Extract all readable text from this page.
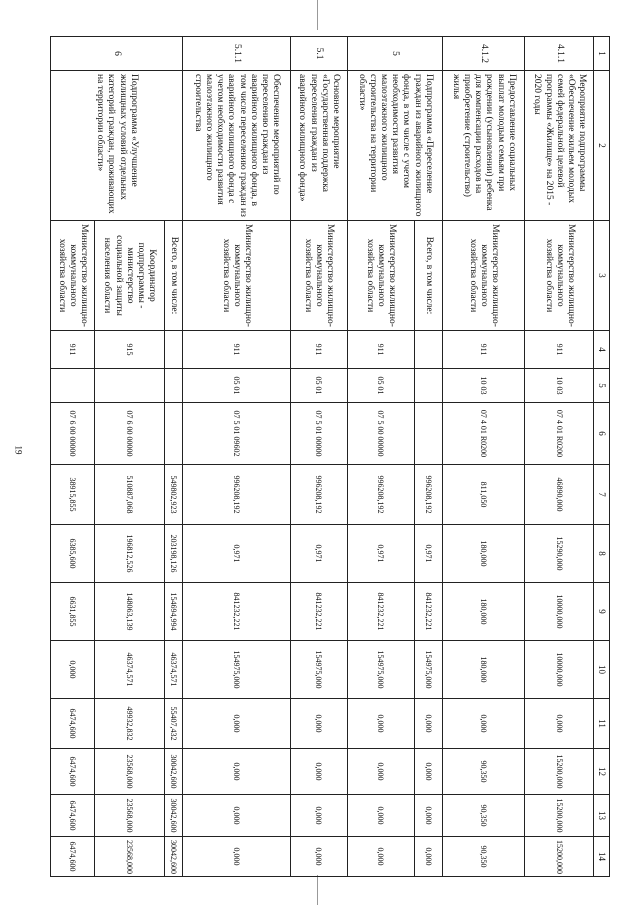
19
1	2	3	4	5	6	7	8	9	10	11	12	13	14
4.1.1	Мероприятие подпрограммы «Обеспечение жильем молодых семей федеральной целевой программы «Жилище» на 2015 - 2020 годы	Министерство жилищно-коммунального хозяйства области	911	10 03	07 4 01 R0200	46890,000	15290,000	10000,000	10000,000	0,000	15200,000	15200,000	15200,000
4.1.2	Предоставление социальных выплат молодым семьям при рождении (усыновлении) ребенка для компенсации расходов на приобретение (строительство) жилья	Министерство жилищно-коммунального хозяйства области	911	10 03	07 4 01 R0200	811,050	180,000	180,000	180,000	0,000	90,350	90,350	90,350
5	Подпрограмма «Переселение граждан из аварийного жилищного фонда, в том числе с учетом необходимости развития малоэтажного жилищного строительства на территории области»	Всего, в том числе:				996208,192	0,971	841232,221	154975,000	0,000	0,000	0,000	0,000
		Министерство жилищно-коммунального хозяйства области	911	05 01	07 5 00 00000	996208,192	0,971	841232,221	154975,000	0,000	0,000	0,000	0,000
5.1	Основное мероприятие «Государственная поддержка переселения граждан из аварийного жилищного фонда»	Министерство жилищно-коммунального хозяйства области	911	05 01	07 5 01 00000	996208,192	0,971	841232,221	154975,000	0,000	0,000	0,000	0,000
5.1.1	Обеспечение мероприятий по переселению граждан из аварийного жилищного фонда, в том числе переселению граждан из аварийного жилищного фонда с учетом необходимости развития малоэтажного жилищного строительства	Министерство жилищно-коммунального хозяйства области	911	05 01	07 5 01 09602	996208,192	0,971	841232,221	154975,000	0,000	0,000	0,000	0,000
6	Подпрограмма «Улучшение жилищных условий отдельных категорий граждан, проживающих на территории области»	Всего, в том числе:				549802,923	203198,126	154694,994	46374,571	55407,432	30042,600	30042,600	30042,600
		Координатор подпрограммы - министерство социальной защиты населения области	915		07 6 00 00000	510887,068	196812,526	148063,139	46374,571	49932,832	23568,000	23568,000	23568,000
		Министерство жилищно-коммунального хозяйства области	911		07 6 00 00000	38915,855	6385,600	6631,855	0,000	6474,600	6474,600	6474,600	6474,600
